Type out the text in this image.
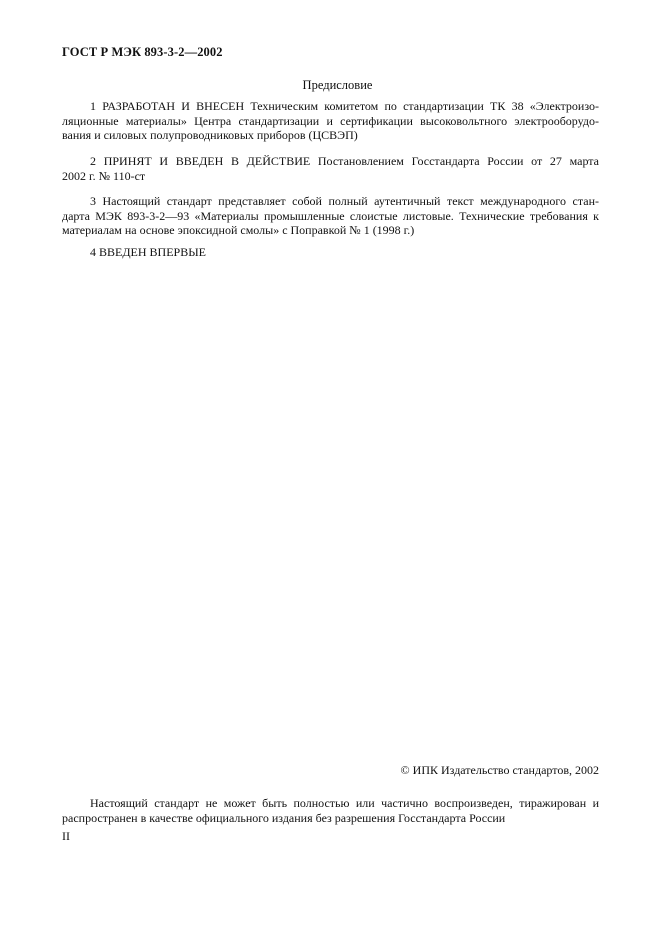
ГОСТ Р МЭК 893-3-2—2002
Предисловие
1 РАЗРАБОТАН И ВНЕСЕН Техническим комитетом по стандартизации ТК 38 «Электроизо-
ляционные материалы» Центра стандартизации и сертификации высоковольтного электрооборудо-
вания и силовых полупроводниковых приборов (ЦСВЭП)
2 ПРИНЯТ И ВВЕДЕН В ДЕЙСТВИЕ Постановлением Госстандарта России от 27 марта
2002 г. № 110-ст
3 Настоящий стандарт представляет собой полный аутентичный текст международного стан-
дарта МЭК 893-3-2—93 «Материалы промышленные слоистые листовые. Технические требования к
материалам на основе эпоксидной смолы» с Поправкой № 1 (1998 г.)
4 ВВЕДЕН ВПЕРВЫЕ
© ИПК Издательство стандартов, 2002
Настоящий стандарт не может быть полностью или частично воспроизведен, тиражирован и
распространен в качестве официального издания без разрешения Госстандарта России
II
